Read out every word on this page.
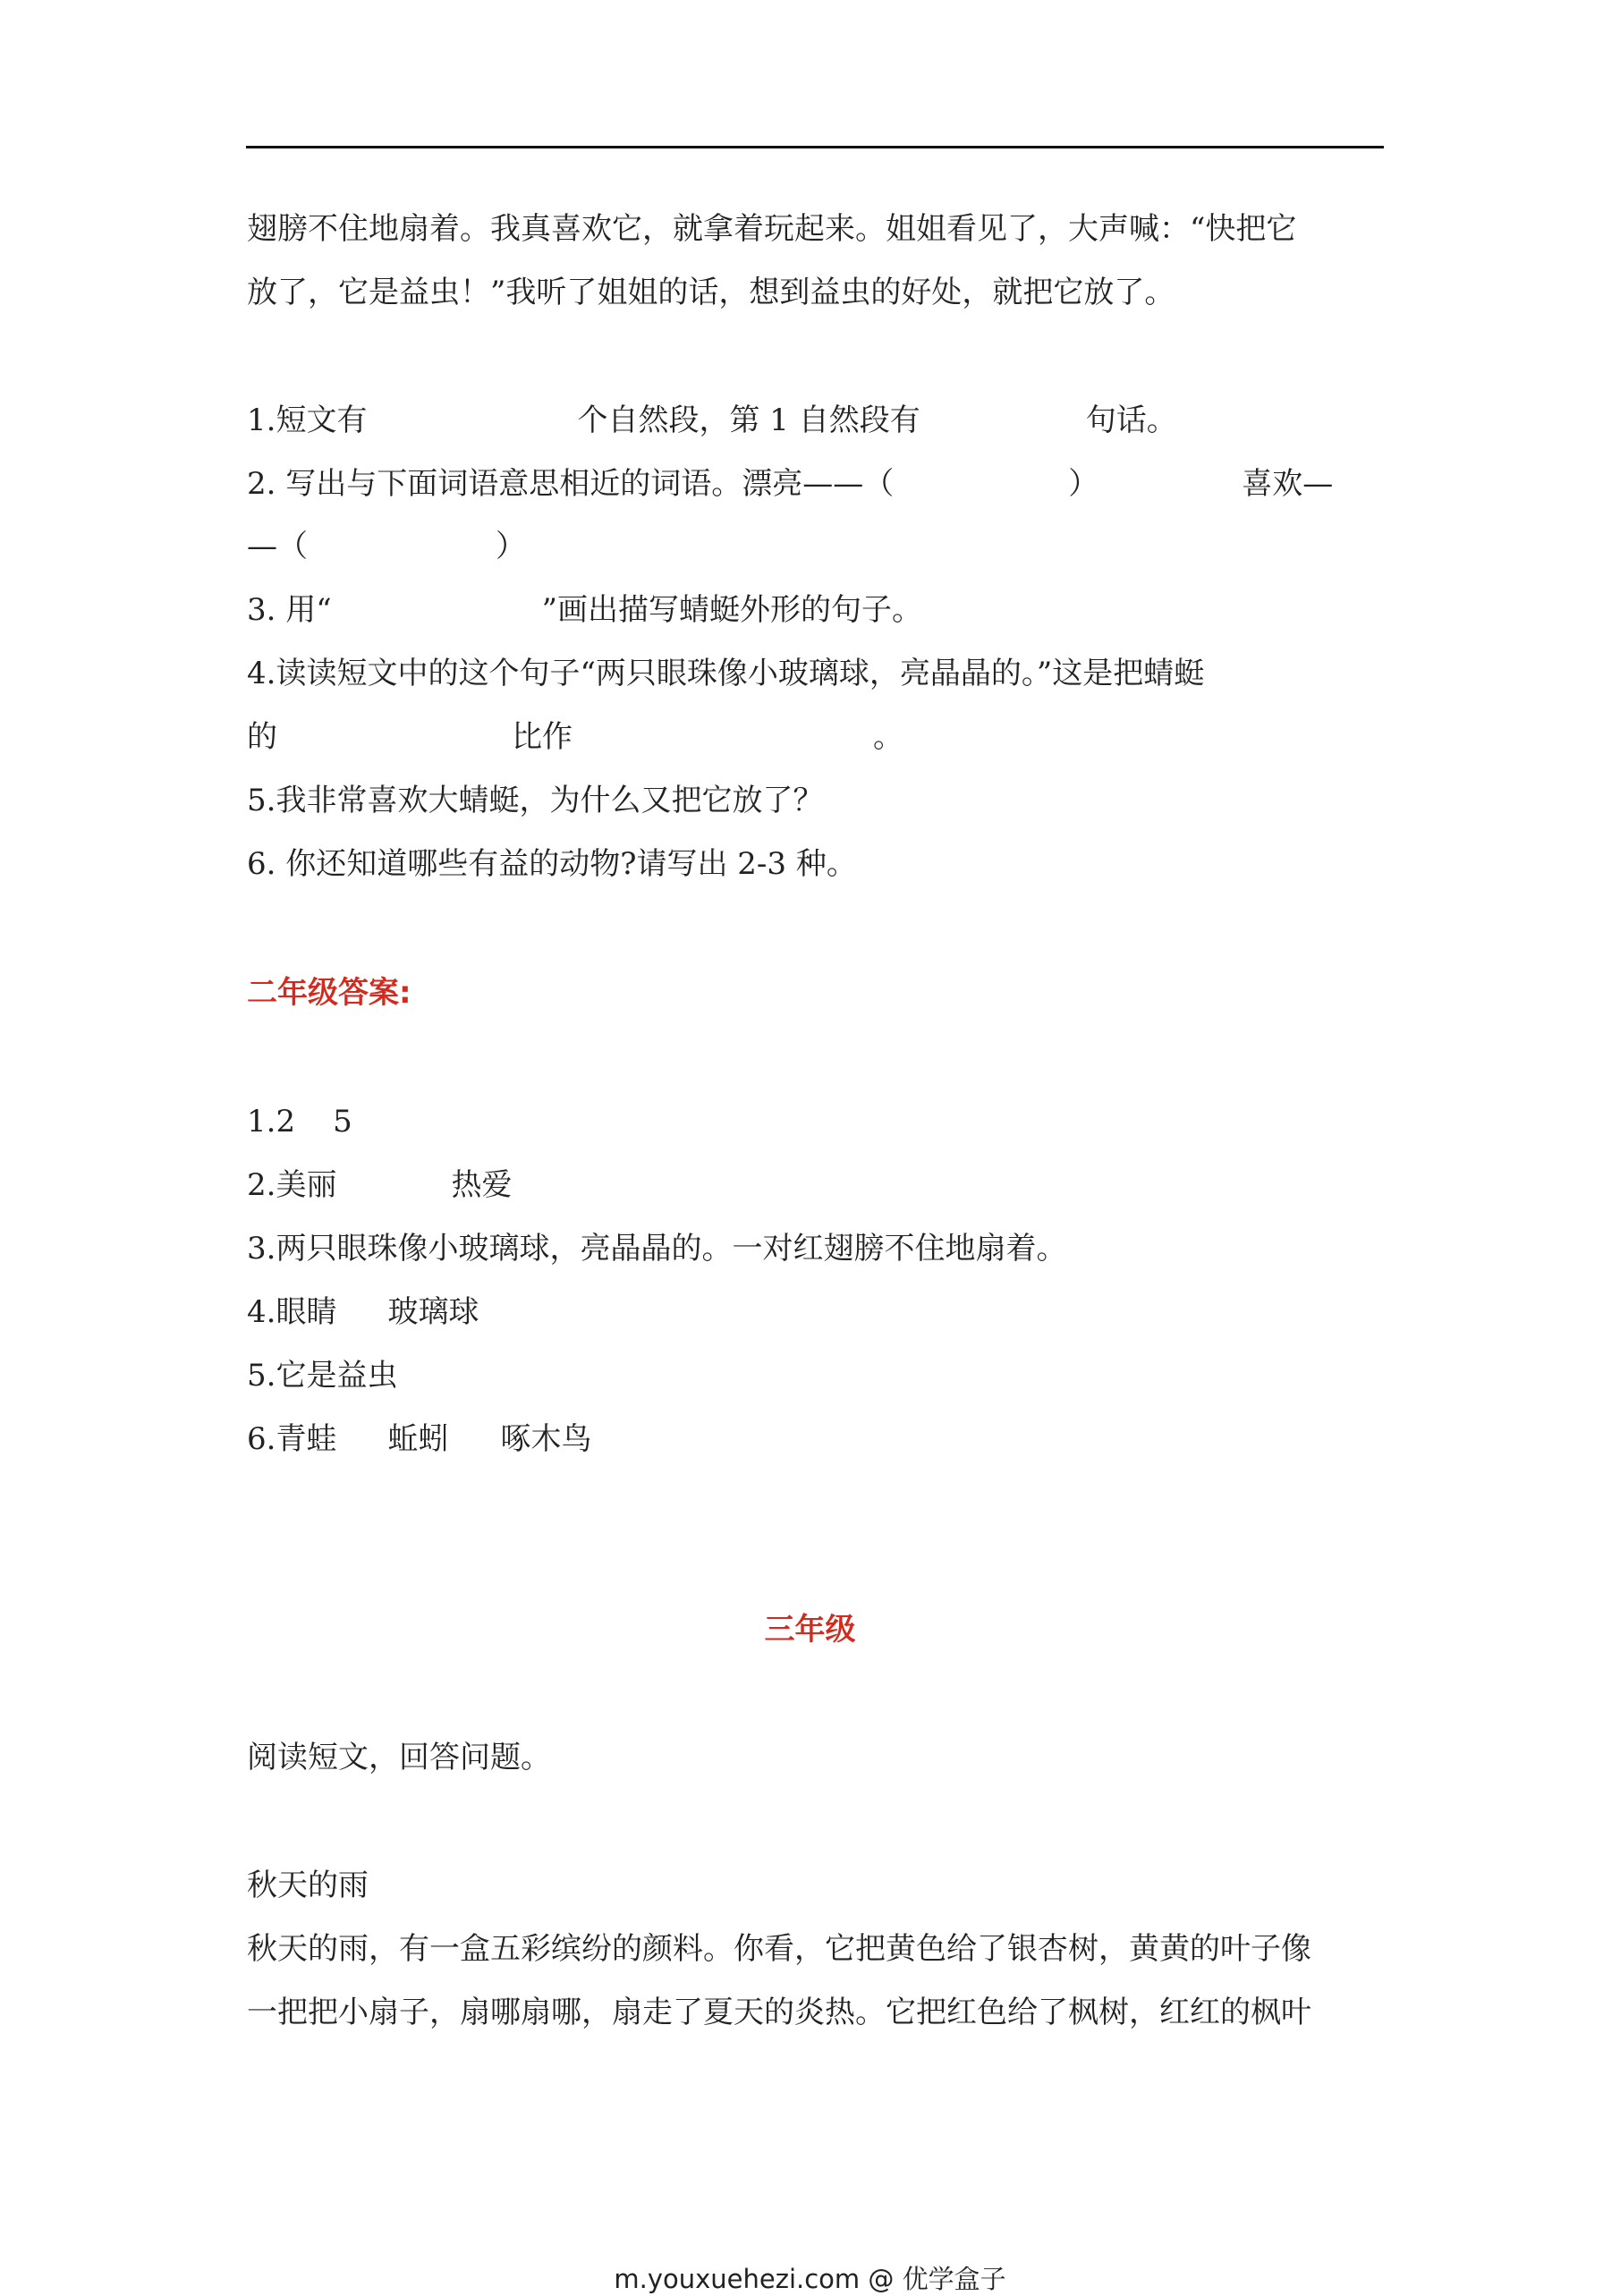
翅膀不住地扇着。我真喜欢它，就拿着玩起来。姐姐看见了，大声喊：“快把它
放了，它是益虫！”我听了姐姐的话，想到益虫的好处，就把它放了。
1.短文有	个自然段，第 1 自然段有	句话。
2. 写出与下面词语意思相近的词语。漂亮——（	）	喜欢—
—（	）
3. 用“	”画出描写蜻蜓外形的句子。
4.读读短文中的这个句子“两只眼珠像小玻璃球，亮晶晶的。”这是把蜻蜓
的	比作	。
5.我非常喜欢大蜻蜓，为什么又把它放了？
6. 你还知道哪些有益的动物?请写出 2-3 种。
二年级答案:
1.2 5
2.美丽	热爱
3.两只眼珠像小玻璃球，亮晶晶的。一对红翅膀不住地扇着。
4.眼睛 玻璃球
5.它是益虫
6.青蛙 蚯蚓 啄木鸟
三年级
阅读短文，回答问题。
秋天的雨
秋天的雨，有一盒五彩缤纷的颜料。你看，它把黄色给了银杏树，黄黄的叶子像
一把把小扇子，扇哪扇哪，扇走了夏天的炎热。它把红色给了枫树，红红的枫叶
m.youxuehezi.com @ 优学盒子
